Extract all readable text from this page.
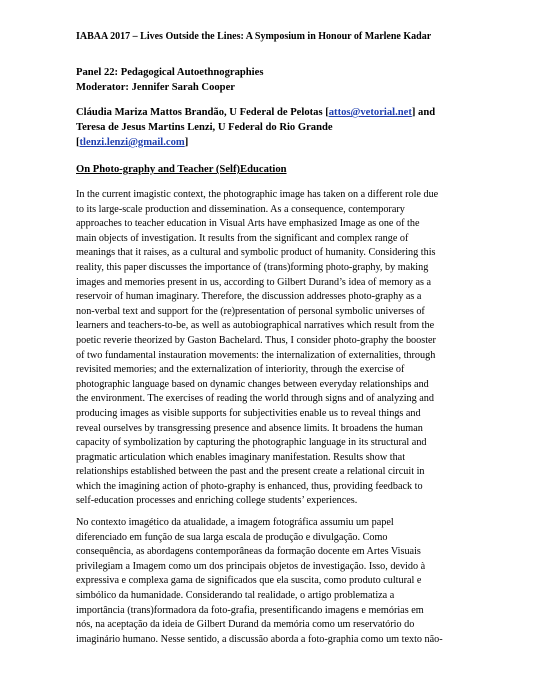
IABAA 2017 – Lives Outside the Lines: A Symposium in Honour of Marlene Kadar
Panel 22: Pedagogical Autoethnographies
Moderator: Jennifer Sarah Cooper
Cláudia Mariza Mattos Brandão, U Federal de Pelotas [attos@vetorial.net] and
Teresa de Jesus Martins Lenzi, U Federal do Rio Grande
[tlenzi.lenzi@gmail.com]
On Photo-graphy and Teacher (Self)Education
In the current imagistic context, the photographic image has taken on a different role due
to its large-scale production and dissemination. As a consequence, contemporary
approaches to teacher education in Visual Arts have emphasized Image as one of the
main objects of investigation. It results from the significant and complex range of
meanings that it raises, as a cultural and symbolic product of humanity. Considering this
reality, this paper discusses the importance of (trans)forming photo-graphy, by making
images and memories present in us, according to Gilbert Durand’s idea of memory as a
reservoir of human imaginary. Therefore, the discussion addresses photo-graphy as a
non-verbal text and support for the (re)presentation of personal symbolic universes of
learners and teachers-to-be, as well as autobiographical narratives which result from the
poetic reverie theorized by Gaston Bachelard. Thus, I consider photo-graphy the booster
of two fundamental instauration movements: the internalization of externalities, through
revisited memories; and the externalization of interiority, through the exercise of
photographic language based on dynamic changes between everyday relationships and
the environment. The exercises of reading the world through signs and of analyzing and
producing images as visible supports for subjectivities enable us to reveal things and
reveal ourselves by transgressing presence and absence limits. It broadens the human
capacity of symbolization by capturing the photographic language in its structural and
pragmatic articulation which enables imaginary manifestation. Results show that
relationships established between the past and the present create a relational circuit in
which the imagining action of photo-graphy is enhanced, thus, providing feedback to
self-education processes and enriching college students’ experiences.
No contexto imagético da atualidade, a imagem fotográfica assumiu um papel
diferenciado em função de sua larga escala de produção e divulgação. Como
consequência, as abordagens contemporâneas da formação docente em Artes Visuais
privilegiam a Imagem como um dos principais objetos de investigação. Isso, devido à
expressiva e complexa gama de significados que ela suscita, como produto cultural e
simbólico da humanidade. Considerando tal realidade, o artigo problematiza a
importância (trans)formadora da foto-grafia, presentificando imagens e memórias em
nós, na aceptação da ideia de Gilbert Durand da memória como um reservatório do
imaginário humano. Nesse sentido, a discussão aborda a foto-graphia como um texto não-
